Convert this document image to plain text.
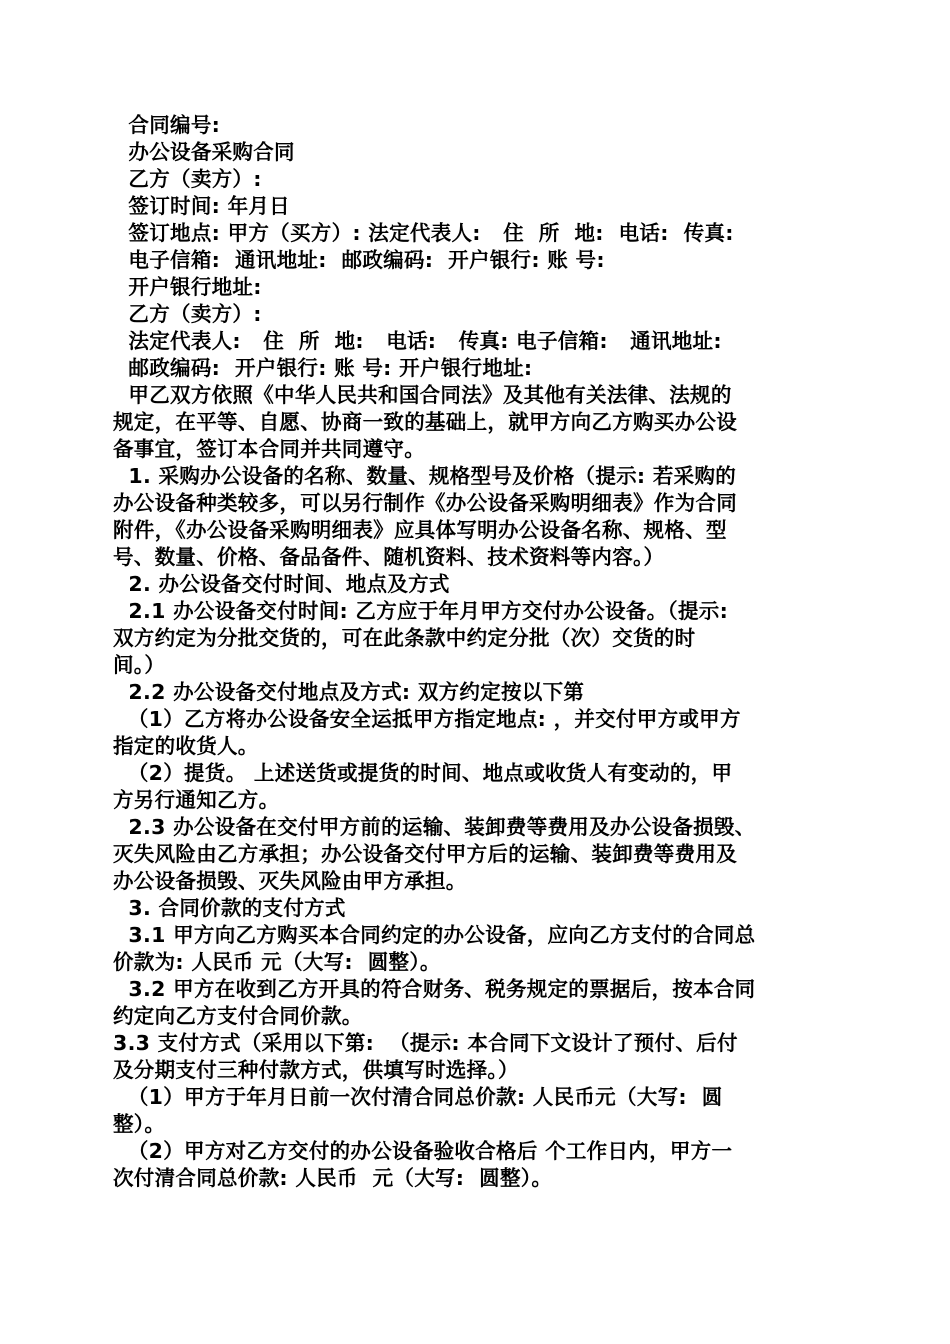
合同编号:
办公设备采购合同
乙方（卖方）:
签订时间: 年月日
签订地点: 甲方（买方）: 法定代表人:   住  所  地:  电话:  传真:
电子信箱:  通讯地址:  邮政编码:  开户银行: 账 号:
开户银行地址:
乙方（卖方）:
法定代表人:   住  所  地:   电话:   传真: 电子信箱:   通讯地址:
邮政编码:  开户银行: 账 号: 开户银行地址:
甲乙双方依照《中华人民共和国合同法》及其他有关法律、法规的
规定，在平等、自愿、协商一致的基础上，就甲方向乙方购买办公设
备事宜，签订本合同并共同遵守。
1. 采购办公设备的名称、数量、规格型号及价格（提示: 若采购的
办公设备种类较多，可以另行制作《办公设备采购明细表》作为合同
附件，《办公设备采购明细表》应具体写明办公设备名称、规格、型
号、数量、价格、备品备件、随机资料、技术资料等内容。）
2. 办公设备交付时间、地点及方式
2.1 办公设备交付时间: 乙方应于年月甲方交付办公设备。（提示:
双方约定为分批交货的，可在此条款中约定分批（次）交货的时
间。）
2.2 办公设备交付地点及方式: 双方约定按以下第
（1）乙方将办公设备安全运抵甲方指定地点: ，并交付甲方或甲方
指定的收货人。
（2）提货。 上述送货或提货的时间、地点或收货人有变动的，甲
方另行通知乙方。
2.3 办公设备在交付甲方前的运输、装卸费等费用及办公设备损毁、
灭失风险由乙方承担；办公设备交付甲方后的运输、装卸费等费用及
办公设备损毁、灭失风险由甲方承担。
3. 合同价款的支付方式
3.1 甲方向乙方购买本合同约定的办公设备，应向乙方支付的合同总
价款为: 人民币 元（大写:  圆整）。
3.2 甲方在收到乙方开具的符合财务、税务规定的票据后，按本合同
约定向乙方支付合同价款。
3.3 支付方式（采用以下第:  （提示: 本合同下文设计了预付、后付
及分期支付三种付款方式，供填写时选择。）
（1）甲方于年月日前一次付清合同总价款: 人民币元（大写:  圆
整）。
（2）甲方对乙方交付的办公设备验收合格后 个工作日内，甲方一
次付清合同总价款: 人民币  元（大写:  圆整）。
